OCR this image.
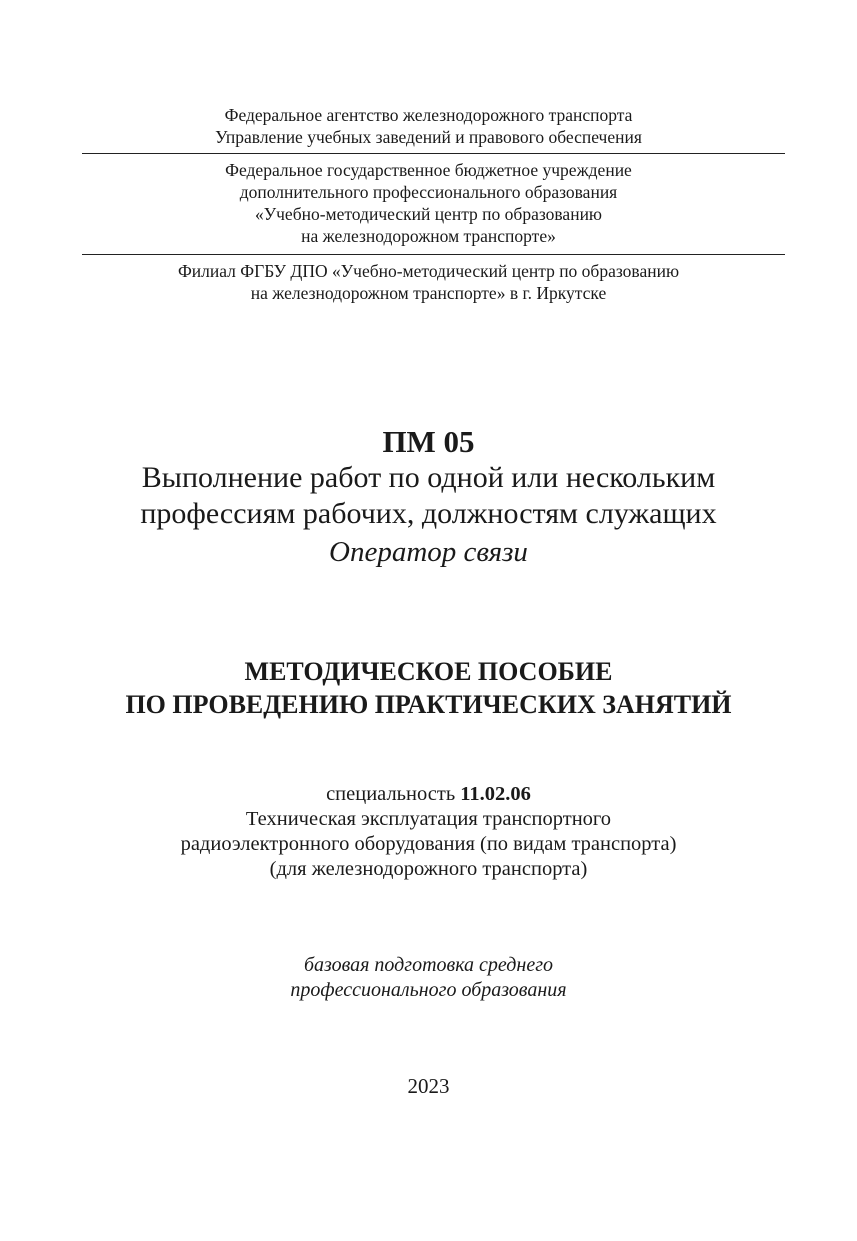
Федеральное агентство железнодорожного транспорта
Управление учебных заведений и правового обеспечения
Федеральное государственное бюджетное учреждение
дополнительного профессионального образования
«Учебно-методический центр по образованию
на железнодорожном транспорте»
Филиал ФГБУ ДПО «Учебно-методический центр по образованию
на железнодорожном транспорте» в г. Иркутске
ПМ 05
Выполнение работ по одной или нескольким
профессиям рабочих, должностям служащих
Оператор связи
МЕТОДИЧЕСКОЕ ПОСОБИЕ
ПО ПРОВЕДЕНИЮ ПРАКТИЧЕСКИХ ЗАНЯТИЙ
специальность 11.02.06
Техническая эксплуатация транспортного
радиоэлектронного оборудования (по видам транспорта)
(для железнодорожного транспорта)
базовая подготовка среднего
профессионального образования
2023
